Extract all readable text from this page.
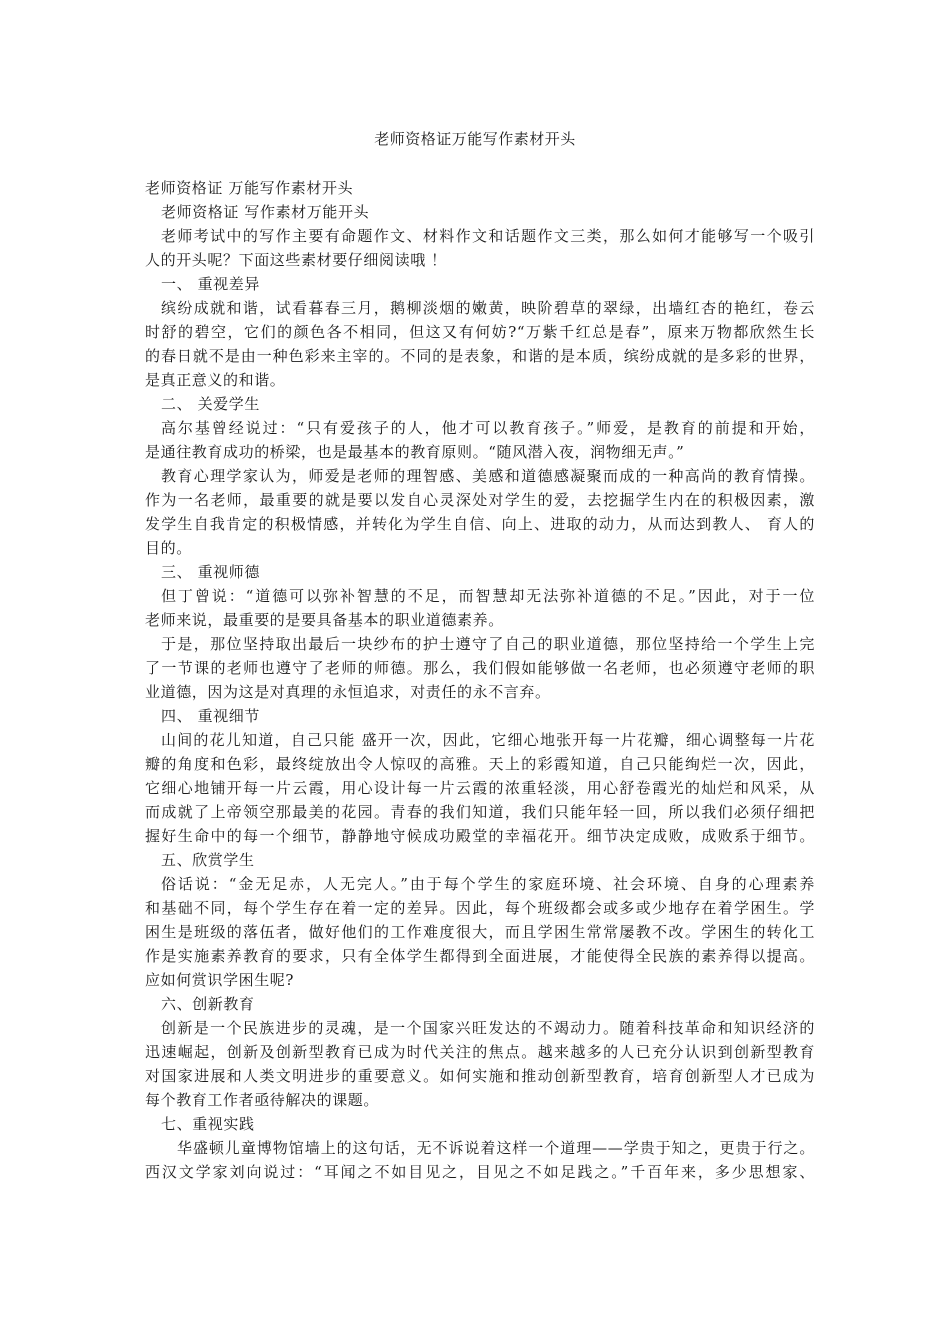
老师资格证万能写作素材开头
老师资格证 万能写作素材开头
老师资格证 写作素材万能开头
老师考试中的写作主要有命题作文、材料作文和话题作文三类，那么如何才能够写一个吸引
人的开头呢？下面这些素材要仔细阅读哦 ！
一、 重视差异
缤纷成就和谐，试看暮春三月，鹅柳淡烟的嫩黄，映阶碧草的翠绿，出墙红杏的艳红，卷云
时舒的碧空，它们的颜色各不相同，但这又有何妨?“万紫千红总是春”，原来万物都欣然生长
的春日就不是由一种色彩来主宰的。不同的是表象，和谐的是本质，缤纷成就的是多彩的世界，
是真正意义的和谐。
二、 关爱学生
高尔基曾经说过：“只有爱孩子的人，他才可以教育孩子。”师爱，是教育的前提和开始，
是通往教育成功的桥梁，也是最基本的教育原则。“随风潜入夜，润物细无声。”
教育心理学家认为，师爱是老师的理智感、美感和道德感凝聚而成的一种高尚的教育情操。
作为一名老师，最重要的就是要以发自心灵深处对学生的爱，去挖掘学生内在的积极因素，激
发学生自我肯定的积极情感，并转化为学生自信、向上、进取的动力，从而达到教人、 育人的
目的。
三、 重视师德
但丁曾说：“道德可以弥补智慧的不足，而智慧却无法弥补道德的不足。”因此，对于一位
老师来说，最重要的是要具备基本的职业道德素养。
于是，那位坚持取出最后一块纱布的护士遵守了自己的职业道德，那位坚持给一个学生上完
了一节课的老师也遵守了老师的师德。那么，我们假如能够做一名老师，也必须遵守老师的职
业道德，因为这是对真理的永恒追求，对责任的永不言弃。
四、 重视细节
山间的花儿知道，自己只能 盛开一次，因此，它细心地张开每一片花瓣，细心调整每一片花
瓣的角度和色彩，最终绽放出令人惊叹的高雅。天上的彩霞知道，自己只能绚烂一次，因此，
它细心地铺开每一片云霞，用心设计每一片云霞的浓重轻淡，用心舒卷霞光的灿烂和风采，从
而成就了上帝领空那最美的花园。青春的我们知道，我们只能年轻一回，所以我们必须仔细把
握好生命中的每一个细节，静静地守候成功殿堂的幸福花开。细节决定成败，成败系于细节。
五、欣赏学生
俗话说：“金无足赤，人无完人。”由于每个学生的家庭环境、社会环境、自身的心理素养
和基础不同，每个学生存在着一定的差异。因此，每个班级都会或多或少地存在着学困生。学
困生是班级的落伍者，做好他们的工作难度很大，而且学困生常常屡教不改。学困生的转化工
作是实施素养教育的要求，只有全体学生都得到全面进展，才能使得全民族的素养得以提高。
应如何赏识学困生呢?
六、创新教育
创新是一个民族进步的灵魂，是一个国家兴旺发达的不竭动力。随着科技革命和知识经济的
迅速崛起，创新及创新型教育已成为时代关注的焦点。越来越多的人已充分认识到创新型教育
对国家进展和人类文明进步的重要意义。如何实施和推动创新型教育，培育创新型人才已成为
每个教育工作者亟待解决的课题。
七、重视实践
华盛顿儿童博物馆墙上的这句话，无不诉说着这样一个道理——学贵于知之，更贵于行之。
西汉文学家刘向说过：“耳闻之不如目见之，目见之不如足践之。”千百年来，多少思想家、
